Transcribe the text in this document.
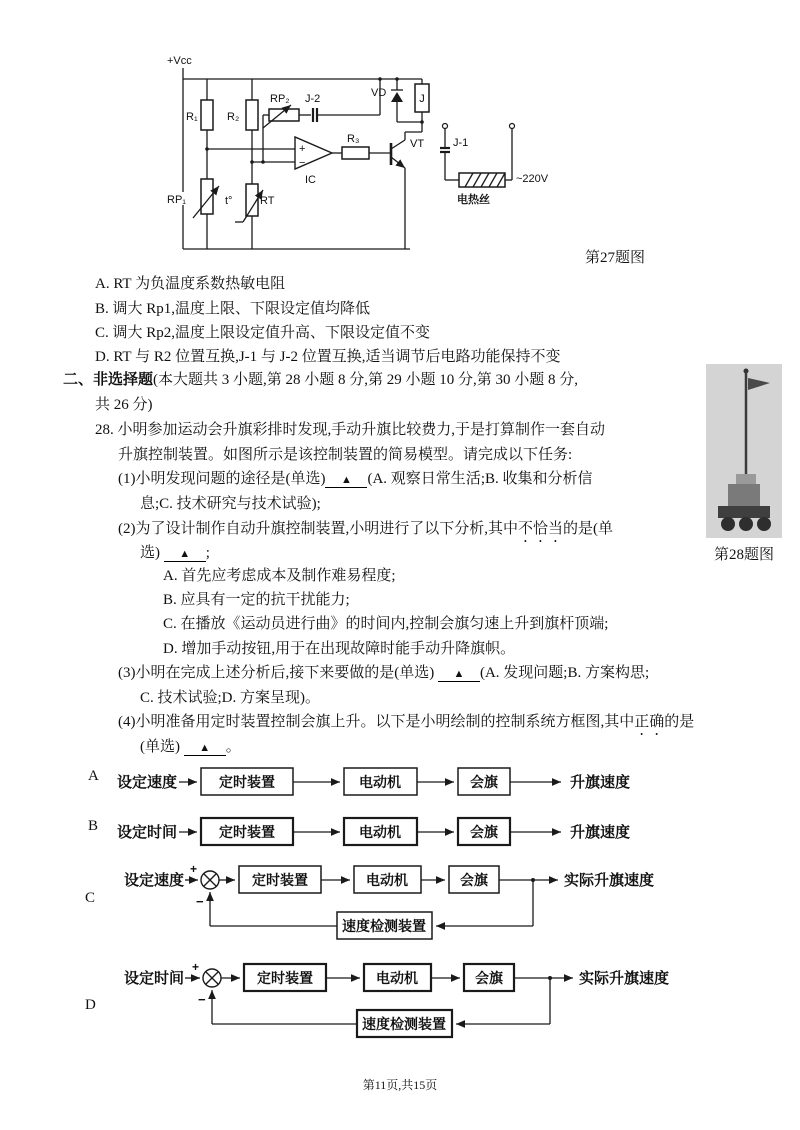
+
−
J
+Vcc
R₁	R₂
RP₁	t°	RT
RP₂ J-2
IC
R₃	VT
VD
J-1
~220V
电热丝
第27题图
A. RT 为负温度系数热敏电阻
B. 调大 Rp1,温度上限、下限设定值均降低
C. 调大 Rp2,温度上限设定值升高、下限设定值不变
D. RT 与 R2 位置互换,J-1 与 J-2 位置互换,适当调节后电路功能保持不变
二、非选择题(本大题共 3 小题,第 28 小题 8 分,第 29 小题 10 分,第 30 小题 8 分,
共 26 分)
28. 小明参加运动会升旗彩排时发现,手动升旗比较费力,于是打算制作一套自动
升旗控制装置。如图所示是该控制装置的简易模型。请完成以下任务:
(1)小明发现问题的途径是(单选) ▲ (A. 观察日常生活;B. 收集和分析信
息;C. 技术研究与技术试验);
(2)为了设计制作自动升旗控制装置,小明进行了以下分析,其中不恰当的是(单
选) ▲ ;
A. 首先应考虑成本及制作难易程度;
B. 应具有一定的抗干扰能力;
C. 在播放《运动员进行曲》的时间内,控制会旗匀速上升到旗杆顶端;
D. 增加手动按钮,用于在出现故障时能手动升降旗帜。
(3)小明在完成上述分析后,接下来要做的是(单选) ▲ (A. 发现问题;B. 方案构思;
C. 技术试验;D. 方案呈现)。
(4)小明准备用定时装置控制会旗上升。以下是小明绘制的控制系统方框图,其中正确的是
(单选) ▲ 。
第28题图
A 设定速度	定时装置	电动机	会旗	升旗速度
B 设定时间	定时装置	电动机	会旗	升旗速度
C
设定速度
+
−
定时装置	电动机	会旗	实际升旗速度
速度检测装置
D
设定时间
+
−
定时装置	电动机	会旗	实际升旗速度
速度检测装置
第11页,共15页
